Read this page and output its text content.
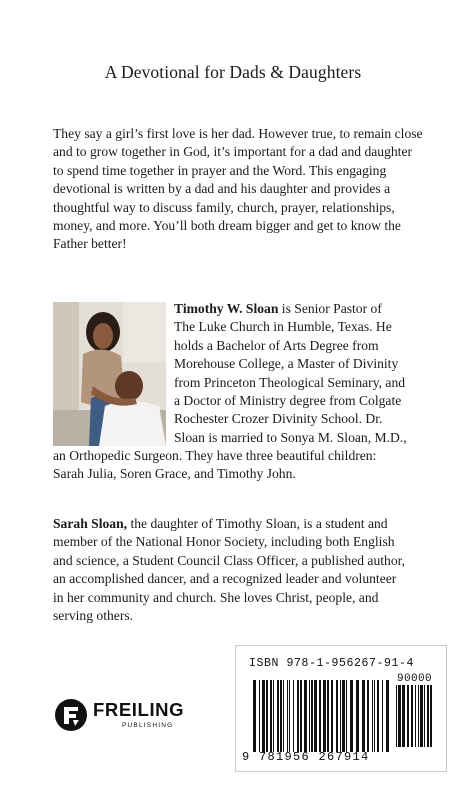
A Devotional for Dads & Daughters

They say a girl’s first love is her dad. However true, to remain close and to grow together in God, it’s important for a dad and daughter to spend time together in prayer and the Word. This engaging devotional is written by a dad and his daughter and provides a thoughtful way to discuss family, church, prayer, relationships, money, and more. You’ll both dream bigger and get to know the Father better!

Timothy W. Sloan is Senior Pastor of
The Luke Church in Humble, Texas. He
holds a Bachelor of Arts Degree from
Morehouse College, a Master of Divinity
from Princeton Theological Seminary, and
a Doctor of Ministry degree from Colgate
Rochester Crozer Divinity School. Dr.
Sloan is married to Sonya M. Sloan, M.D.,
an Orthopedic Surgeon. They have three beautiful children:
Sarah Julia, Soren Grace, and Timothy John.
Sarah Sloan, the daughter of Timothy Sloan, is a student and
member of the National Honor Society, including both English
and science, a Student Council Class Officer, a published author,
an accomplished dancer, and a recognized leader and volunteer
in her community and church. She loves Christ, people, and
serving others.
FREILING
PUBLISHING
ISBN 978-1-956267-91-4
90000
9 781956 267914
